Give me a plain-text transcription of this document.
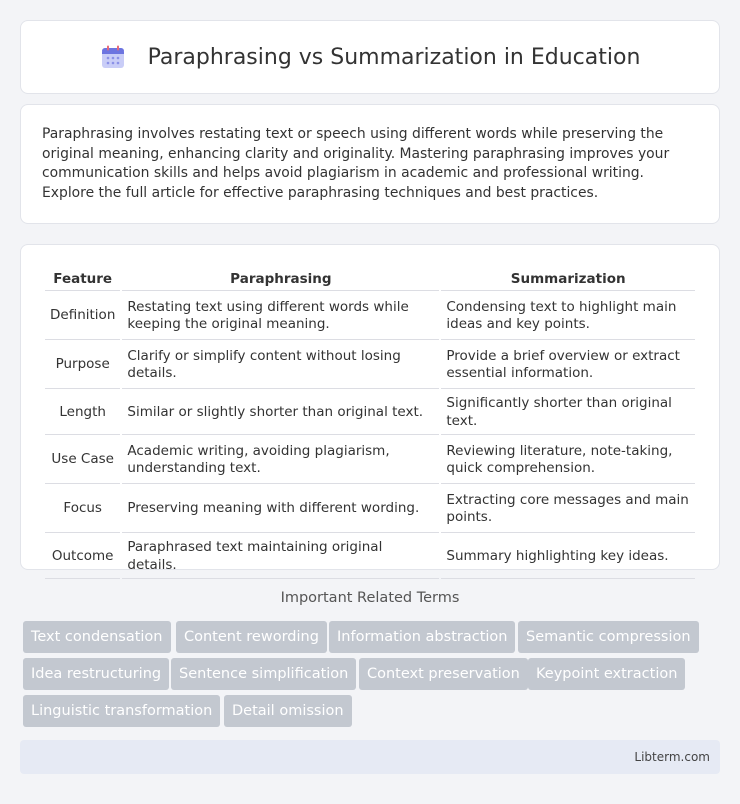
Paraphrasing vs Summarization in Education

Paraphrasing involves restating text or speech using different words while preserving the original meaning, enhancing clarity and originality. Mastering paraphrasing improves your communication skills and helps avoid plagiarism in academic and professional writing. Explore the full article for effective paraphrasing techniques and best practices.

Feature	Paraphrasing	Summarization
Definition	Restating text using different words while keeping the original meaning.	Condensing text to highlight main ideas and key points.
Purpose	Clarify or simplify content without losing details.	Provide a brief overview or extract essential information.
Length	Similar or slightly shorter than original text.	Significantly shorter than original text.
Use Case	Academic writing, avoiding plagiarism, understanding text.	Reviewing literature, note-taking, quick comprehension.
Focus	Preserving meaning with different wording.	Extracting core messages and main points.
Outcome	Paraphrased text maintaining original details.	Summary highlighting key ideas.
Important Related Terms
Text condensation	Content rewording	Information abstraction	Semantic compression
Idea restructuring	Sentence simplification	Context preservation	Keypoint extraction
Linguistic transformation	Detail omission
Libterm.com
